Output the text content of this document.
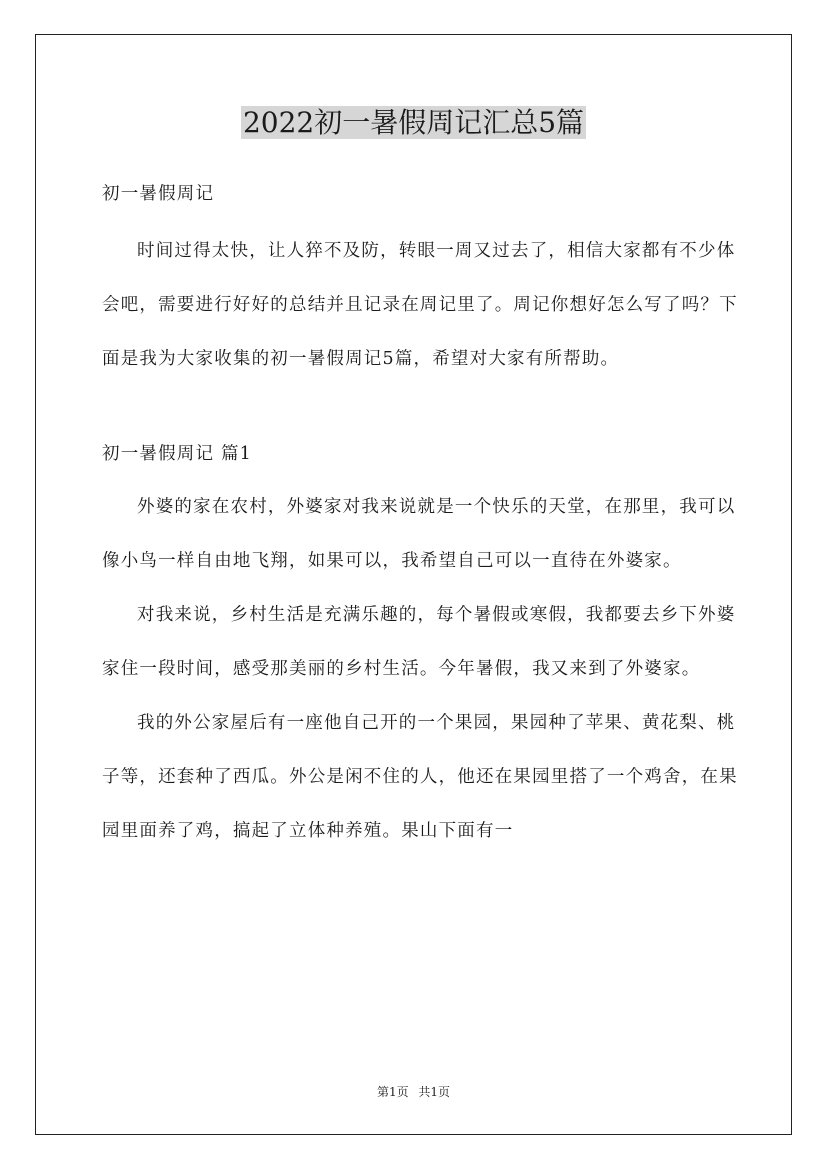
2022初一暑假周记汇总5篇

初一暑假周记

时间过得太快，让人猝不及防，转眼一周又过去了，相信大家都有不少体会吧，需要进行好好的总结并且记录在周记里了。周记你想好怎么写了吗？下面是我为大家收集的初一暑假周记5篇，希望对大家有所帮助。

初一暑假周记 篇1

外婆的家在农村，外婆家对我来说就是一个快乐的天堂，在那里，我可以像小鸟一样自由地飞翔，如果可以，我希望自己可以一直待在外婆家。

对我来说，乡村生活是充满乐趣的，每个暑假或寒假，我都要去乡下外婆家住一段时间，感受那美丽的乡村生活。今年暑假，我又来到了外婆家。

我的外公家屋后有一座他自己开的一个果园，果园种了苹果、黄花梨、桃子等，还套种了西瓜。外公是闲不住的人，他还在果园里搭了一个鸡舍，在果园里面养了鸡，搞起了立体种养殖。果山下面有一

第1页 共1页
